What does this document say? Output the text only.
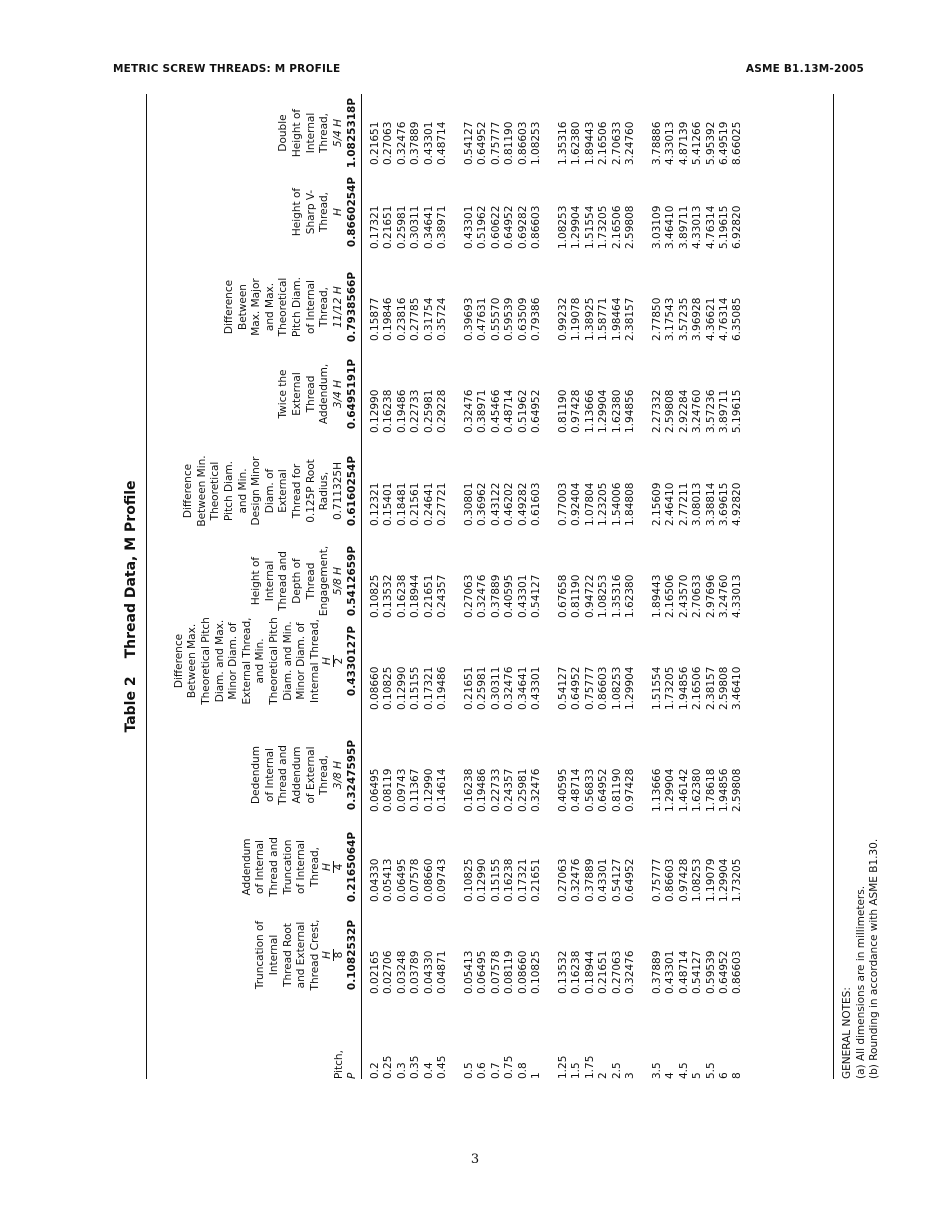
METRIC SCREW THREADS: M PROFILE	ASME B1.13M-2005
Table 2Thread Data, M Profile
Pitch, P
Truncation of Internal Thread Root and External Thread Crest, H 8 0.1082532P
Addendum of Internal Thread and Truncation of Internal Thread, H 4 0.2165064P
Dedendum of Internal Thread and Addendum of External Thread, 3/8 H 0.3247595P
Difference Between Max. Theoretical Pitch Diam. and Max. Minor Diam. of External Thread, and Min. Theoretical Pitch Diam. and Min. Minor Diam. of Internal Thread, H 2 0.4330127P
Height of Internal Thread and Depth of Thread Engagement, 5/8 H 0.5412659P
Difference Between Min. Theoretical Pitch Diam. and Min. Design Minor Diam. of External Thread for 0.125P Root Radius, 0.711325H 0.6160254P
Twice the External Thread Addendum, 3/4 H 0.6495191P
Difference Between Max. Major and Max. Theoretical Pitch Diam. of Internal Thread, 11/12 H 0.7938566P
Height of Sharp V- Thread, H 0.8660254P
Double Height of Internal Thread, 5/4 H 1.0825318P
0.2
0.02165
0.04330
0.06495
0.08660
0.10825
0.12321
0.12990
0.15877
0.17321
0.21651
0.25
0.02706
0.05413
0.08119
0.10825
0.13532
0.15401
0.16238
0.19846
0.21651
0.27063
0.3
0.03248
0.06495
0.09743
0.12990
0.16238
0.18481
0.19486
0.23816
0.25981
0.32476
0.35
0.03789
0.07578
0.11367
0.15155
0.18944
0.21561
0.22733
0.27785
0.30311
0.37889
0.4
0.04330
0.08660
0.12990
0.17321
0.21651
0.24641
0.25981
0.31754
0.34641
0.43301
0.45
0.04871
0.09743
0.14614
0.19486
0.24357
0.27721
0.29228
0.35724
0.38971
0.48714
0.5
0.05413
0.10825
0.16238
0.21651
0.27063
0.30801
0.32476
0.39693
0.43301
0.54127
0.6
0.06495
0.12990
0.19486
0.25981
0.32476
0.36962
0.38971
0.47631
0.51962
0.64952
0.7
0.07578
0.15155
0.22733
0.30311
0.37889
0.43122
0.45466
0.55570
0.60622
0.75777
0.75
0.08119
0.16238
0.24357
0.32476
0.40595
0.46202
0.48714
0.59539
0.64952
0.81190
0.8
0.08660
0.17321
0.25981
0.34641
0.43301
0.49282
0.51962
0.63509
0.69282
0.86603
1
0.10825
0.21651
0.32476
0.43301
0.54127
0.61603
0.64952
0.79386
0.86603
1.08253
1.25
0.13532
0.27063
0.40595
0.54127
0.67658
0.77003
0.81190
0.99232
1.08253
1.35316
1.5
0.16238
0.32476
0.48714
0.64952
0.81190
0.92404
0.97428
1.19078
1.29904
1.62380
1.75
0.18944
0.37889
0.56833
0.75777
0.94722
1.07804
1.13666
1.38925
1.51554
1.89443
2
0.21651
0.43301
0.64952
0.86603
1.08253
1.23205
1.29904
1.58771
1.73205
2.16506
2.5
0.27063
0.54127
0.81190
1.08253
1.35316
1.54006
1.62380
1.98464
2.16506
2.70633
3
0.32476
0.64952
0.97428
1.29904
1.62380
1.84808
1.94856
2.38157
2.59808
3.24760
3.5
0.37889
0.75777
1.13666
1.51554
1.89443
2.15609
2.27332
2.77850
3.03109
3.78886
4
0.43301
0.86603
1.29904
1.73205
2.16506
2.46410
2.59808
3.17543
3.46410
4.33013
4.5
0.48714
0.97428
1.46142
1.94856
2.43570
2.77211
2.92284
3.57235
3.89711
4.87139
5
0.54127
1.08253
1.62380
2.16506
2.70633
3.08013
3.24760
3.96928
4.33013
5.41266
5.5
0.59539
1.19079
1.78618
2.38157
2.97696
3.38814
3.57236
4.36621
4.76314
5.95392
6
0.64952
1.29904
1.94856
2.59808
3.24760
3.69615
3.89711
4.76314
5.19615
6.49519
8
0.86603
1.73205
2.59808
3.46410
4.33013
4.92820
5.19615
6.35085
6.92820
8.66025
GENERAL NOTES: (a) All dimensions are in millimeters. (b) Rounding in accordance with ASME B1.30.
3
